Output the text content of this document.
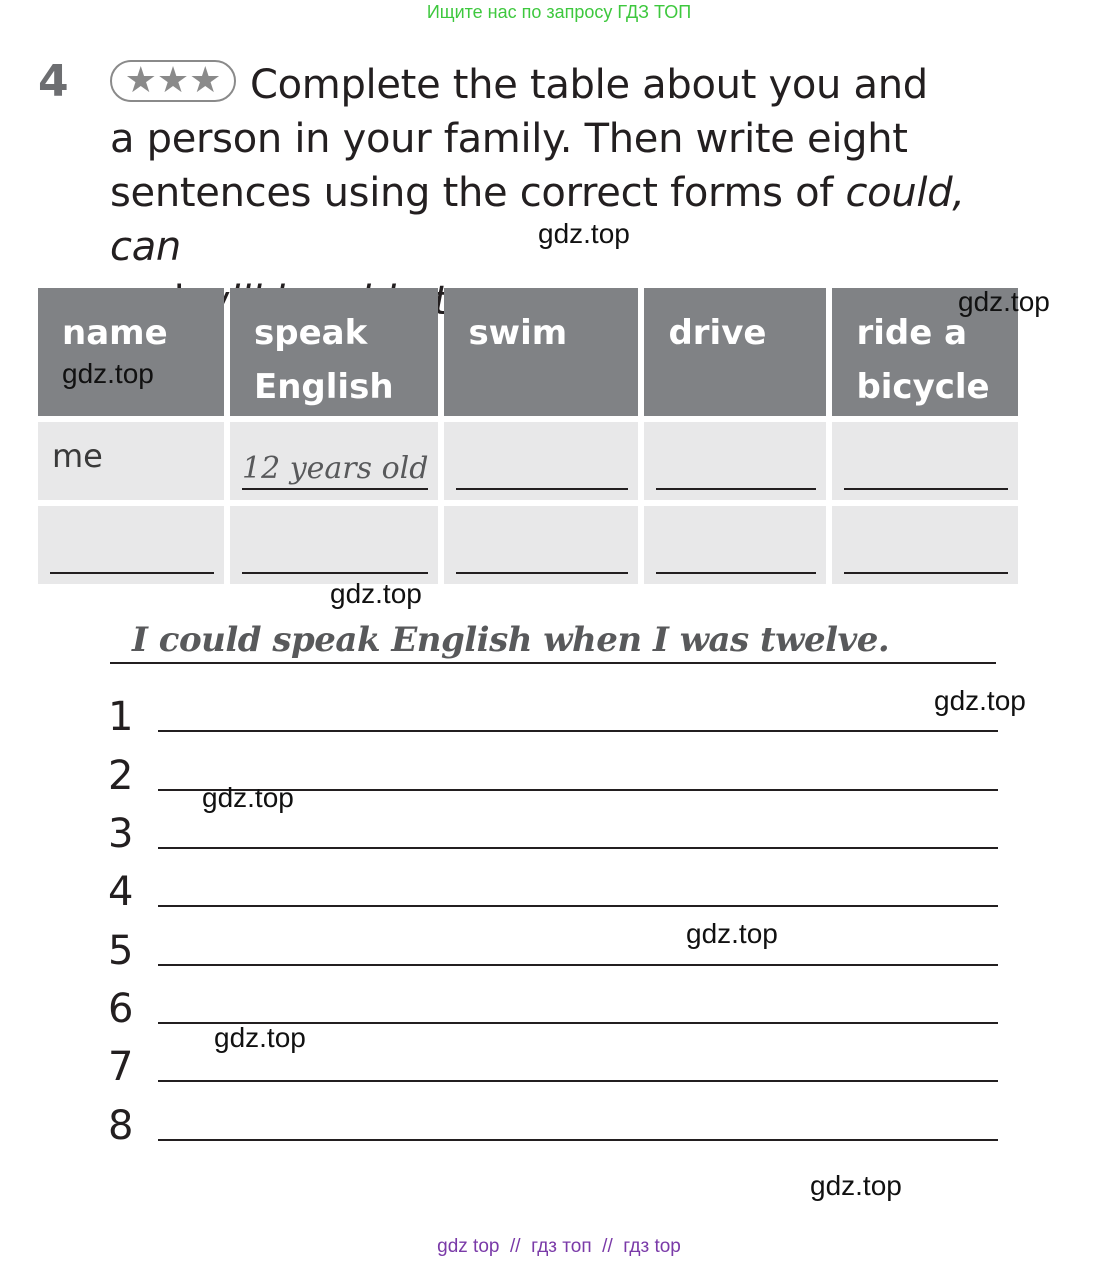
Ищите нас по запросу ГДЗ ТОП
4 ★★★ Complete the table about you and
a person in your family. Then write eight
sentences using the correct forms of could, can

name	speak English	swim	drive	ride a bicycle
me	12 years old			

I could speak English when I was twelve.
1
2
3
4
5
6
7
8
gdz.top
gdz.top
gdz.top
gdz.top
gdz.top
gdz.top
gdz.top
gdz.top
gdz.top
gdz top  //  гдз топ  //  гдз top
